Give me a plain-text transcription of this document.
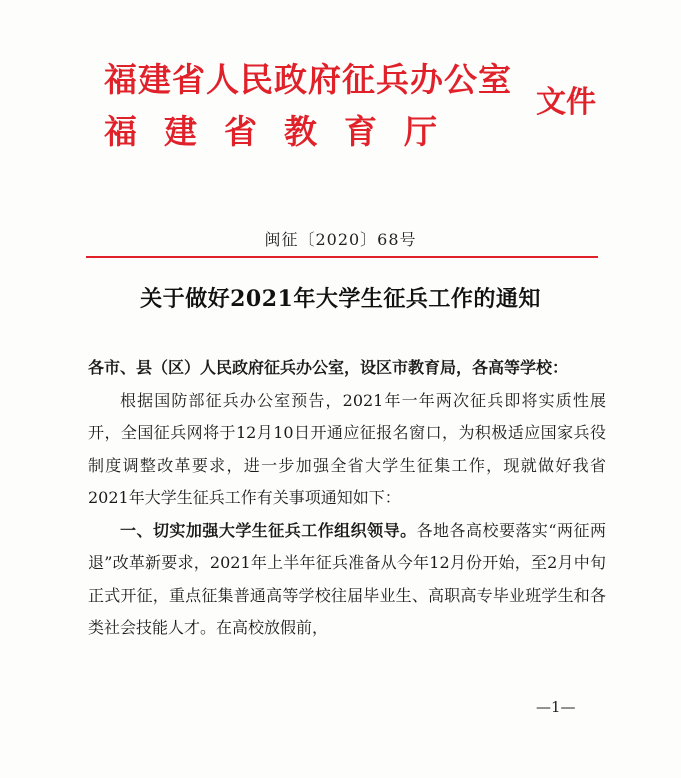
福建省人民政府征兵办公室
福建省教育厅
文件
闽征〔2020〕68号
关于做好2021年大学生征兵工作的通知

各市、县（区）人民政府征兵办公室，设区市教育局，各高等学校：

根据国防部征兵办公室预告，2021年一年两次征兵即将实质性展开，全国征兵网将于12月10日开通应征报名窗口，为积极适应国家兵役制度调整改革要求，进一步加强全省大学生征集工作，现就做好我省2021年大学生征兵工作有关事项通知如下：

一、切实加强大学生征兵工作组织领导。各地各高校要落实“两征两退”改革新要求，2021年上半年征兵准备从今年12月份开始，至2月中旬正式开征，重点征集普通高等学校往届毕业生、高职高专毕业班学生和各类社会技能人才。在高校放假前，

—1—
